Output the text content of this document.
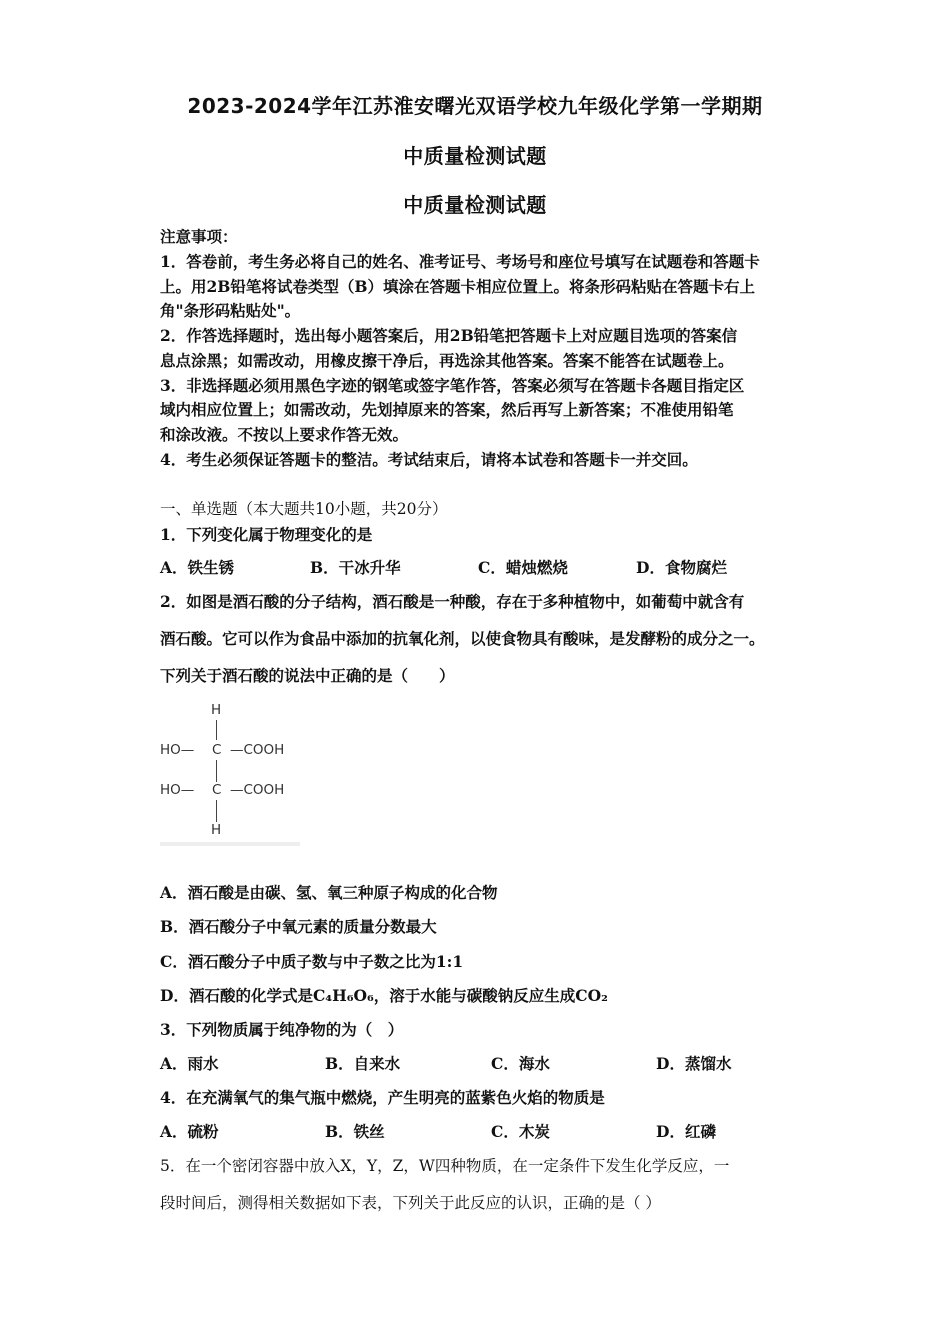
2023-2024学年江苏淮安曙光双语学校九年级化学第一学期期
中质量检测试题
中质量检测试题
注意事项：
1．答卷前，考生务必将自己的姓名、准考证号、考场号和座位号填写在试题卷和答题卡
上。用2B铅笔将试卷类型（B）填涂在答题卡相应位置上。将条形码粘贴在答题卡右上
角"条形码粘贴处"。
2．作答选择题时，选出每小题答案后，用2B铅笔把答题卡上对应题目选项的答案信
息点涂黑；如需改动，用橡皮擦干净后，再选涂其他答案。答案不能答在试题卷上。
3．非选择题必须用黑色字迹的钢笔或签字笔作答，答案必须写在答题卡各题目指定区
域内相应位置上；如需改动，先划掉原来的答案，然后再写上新答案；不准使用铅笔
和涂改液。不按以上要求作答无效。
4．考生必须保证答题卡的整洁。考试结束后，请将本试卷和答题卡一并交回。
一、单选题（本大题共10小题，共20分）
1．下列变化属于物理变化的是
A．铁生锈	B．干冰升华	C．蜡烛燃烧	D．食物腐烂
2．如图是酒石酸的分子结构，酒石酸是一种酸，存在于多种植物中，如葡萄中就含有
酒石酸。它可以作为食品中添加的抗氧化剂，以使食物具有酸味，是发酵粉的成分之一。
下列关于酒石酸的说法中正确的是（　　）
H
HO— C —COOH
HO— C —COOH
H
A．酒石酸是由碳、氢、氧三种原子构成的化合物
B．酒石酸分子中氧元素的质量分数最大
C．酒石酸分子中质子数与中子数之比为1:1
D．酒石酸的化学式是C₄H₆O₆，溶于水能与碳酸钠反应生成CO₂
3．下列物质属于纯净物的为（　）
A．雨水	B．自来水	C．海水	D．蒸馏水
4．在充满氧气的集气瓶中燃烧，产生明亮的蓝紫色火焰的物质是
A．硫粉	B．铁丝	C．木炭	D．红磷
5．在一个密闭容器中放入X，Y，Z，W四种物质，在一定条件下发生化学反应，一
段时间后，测得相关数据如下表，下列关于此反应的认识，正确的是（ ）
